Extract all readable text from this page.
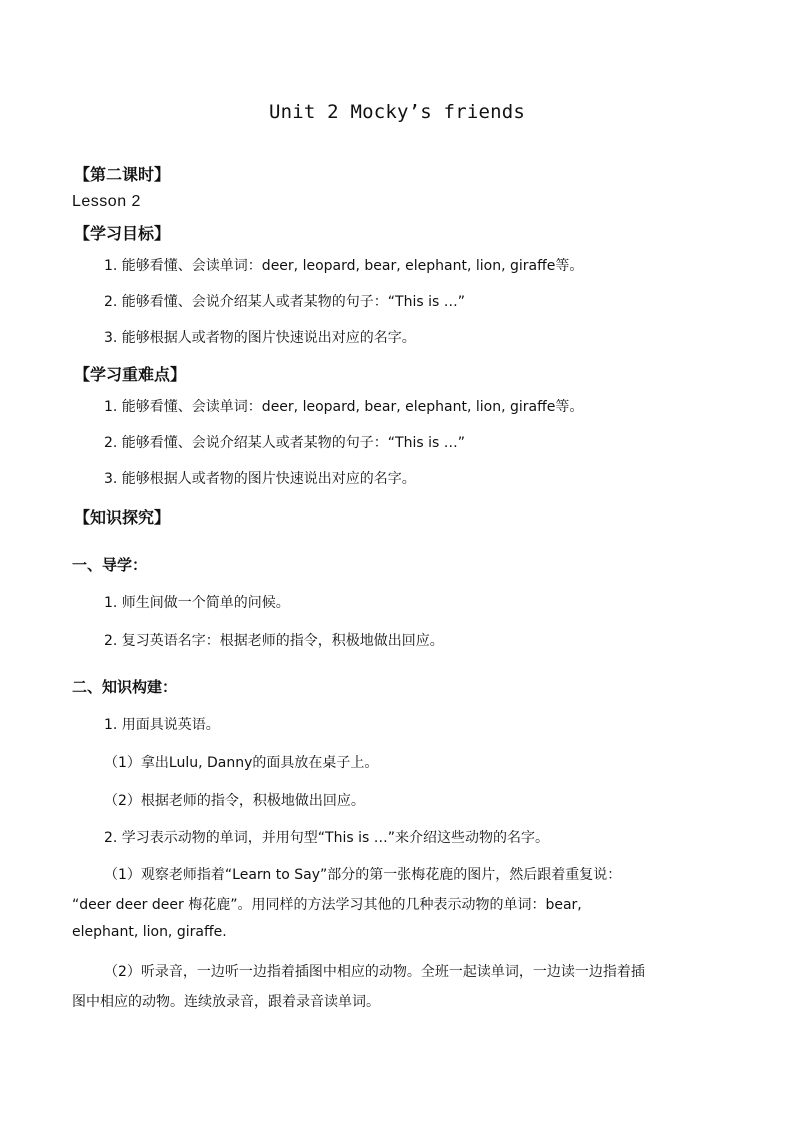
Unit 2 Mocky’s friends
【第二课时】
Lesson 2
【学习目标】
1. 能够看懂、会读单词：deer, leopard, bear, elephant, lion, giraffe等。
2. 能够看懂、会说介绍某人或者某物的句子：“This is …”
3. 能够根据人或者物的图片快速说出对应的名字。
【学习重难点】
1. 能够看懂、会读单词：deer, leopard, bear, elephant, lion, giraffe等。
2. 能够看懂、会说介绍某人或者某物的句子：“This is …”
3. 能够根据人或者物的图片快速说出对应的名字。
【知识探究】
一、导学：
1. 师生间做一个简单的问候。
2. 复习英语名字：根据老师的指令，积极地做出回应。
二、知识构建：
1. 用面具说英语。
（1）拿出Lulu, Danny的面具放在桌子上。
（2）根据老师的指令，积极地做出回应。
2. 学习表示动物的单词，并用句型“This is …”来介绍这些动物的名字。
（1）观察老师指着“Learn to Say”部分的第一张梅花鹿的图片，然后跟着重复说：
“deer deer deer 梅花鹿”。用同样的方法学习其他的几种表示动物的单词：bear,
elephant, lion, giraffe.
（2）听录音，一边听一边指着插图中相应的动物。全班一起读单词，一边读一边指着插
图中相应的动物。连续放录音，跟着录音读单词。
